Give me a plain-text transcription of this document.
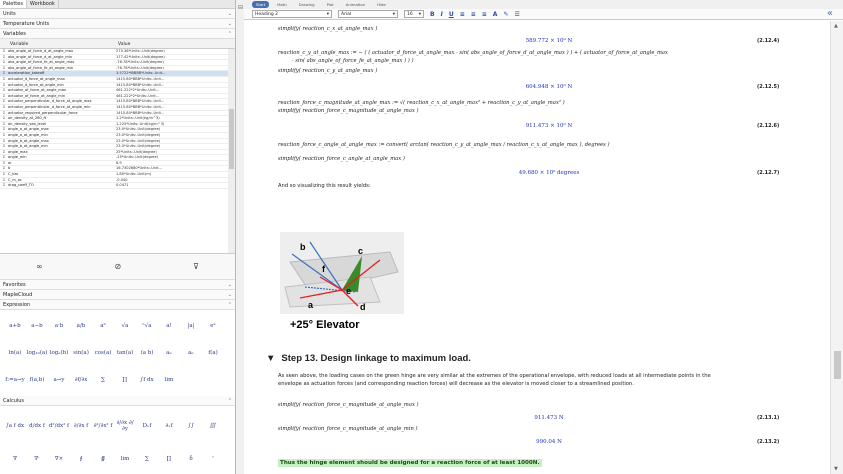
Palettes	Workbook
Units	⌄
Temperature Units	⌄
Variables	⌃
Variable	Value
Σ abs_angle_of_force_d_at_angle_max	270.36*Units:-Unit(degree)
Σ abs_angle_of_force_d_at_angle_min	177.42*Units:-Unit(degree)
Σ abs_angle_of_force_fe_at_angle_max	-76.78*Units:-Unit(degree)
Σ abs_angle_of_force_fe_at_angle_min	-76.78*Units:-Unit(degree)
Σ acceleration_takeoff	3.5722*IBBBB*Units:-Unit...
Σ actuator_d_force_at_angle_max	1415.80*BBB*Units:-Unit...
Σ actuator_d_force_at_angle_min	1415.80*BBB*Units:-Unit...
Σ actuator_of_force_at_angle_max	461.222*2*Units:-Unit...
Σ actuator_of_force_at_angle_min	461.222*2*Units:-Unit...
Σ actuator_perpendicular_d_force_at_angle_max	1415.80*BBB*Units:-Unit...
Σ actuator_perpendicular_d_force_at_angle_min	1415.80*BBB*Units:-Unit...
Σ actuator_required_perpendicular_force	1415.80*BBB*Units:-Unit...
Σ air_density_at_260_ft	1.2*Units:-Unit(kg/m^3)
Σ air_density_sea_level	1.225*Units:-Unit(kg/m^3)
Σ angle_a_at_angle_max	23.0*Units:-Unit(degree)
Σ angle_a_at_angle_min	23.0*Units:-Unit(degree)
Σ angle_b_at_angle_max	23.0*Units:-Unit(degree)
Σ angle_b_at_angle_min	23.0*Units:-Unit(degree)
Σ angle_max	25*Units:-Unit(degree)
Σ angle_min	-25*Units:-Unit(degree)
Σ ar	8.9
Σ b	16.7302680*Units:-Unit...
Σ C_bar	1.80*Units:-Unit(m)
Σ C_m_ac	-0.040
Σ drag_coeff_TO	0.0471
∞	⊘	⊽
Favorites	⌄
MapleCloud	⌄
Expression	⌃
a+b	a−b	a·b	a/b	aᵇ	√a	ⁿ√a	a!	|a|	eᵃ
ln(a) log₁₀(a) logₐ(b) sin(a)	cos(a) tan(a)	(a b)	aₙ	aₙ	f(a)
f:=a→y f(a,b)	a→y	∂f/∂x	∑	∏	∫f dx	lim
Calculus	⌃
∫a f dx d/dx f d²/dx² f ∂/∂x f ∂²/∂x² f ∂/∂x ∂/∂y	Dₓf	∂ₓf	∫∫	∭
∇	∇·	∇×	∮	∯	lim	∑	∏	δ	'
⊟	Start	Math	Drawing	Plot	Animation	Hide
«
Heading 2	▾	Arial	▾	16 ▾ B I U ≡ ≡ ≡ A ✎ ☰
simplify( reaction_c_x_at_angle_max )
589.772 × 10⁰ N	(2.12.4)
reaction_c_y_at_angle_max := − ( ( actuator_d_force_at_angle_max · sin( abs_angle_of_force_d_at_angle_max ) ) + ( actuator_of_force_at_angle_max
· sin( abs_angle_of_force_fe_at_angle_max ) ) )
simplify( reaction_c_y_at_angle_max )
604.948 × 10⁰ N	(2.12.5)
reaction_force_c_magnitude_at_angle_max := √( reaction_c_x_at_angle_max² + reaction_c_y_at_angle_max² )
simplify( reaction_force_c_magnitude_at_angle_max )
911.473 × 10⁰ N	(2.12.6)
reaction_force_c_angle_at_angle_max := convert( arctan( reaction_c_y_at_angle_max / reaction_c_x_at_angle_max ), degrees )
simplify( reaction_force_c_angle_at_angle_max )
49.680 × 10⁰ degrees	(2.12.7)
And so visualizing this result yields:
b	c
f
e
a	d
+25° Elevator
▼ Step 13. Design linkage to maximum load.
As seen above, the loading cases on the green hinge are very similar at the extremes of the operational envelope, with reduced loads at all intermediate points in the
envelope as actuation forces (and corresponding reaction forces) will decrease as the elevator is moved closer to a streamlined position.
simplify( reaction_force_c_magnitude_at_angle_max )
911.473 N	(2.13.1)
simplify( reaction_force_c_magnitude_at_angle_min )
990.04 N	(2.13.2)
Thus the hinge element should be designed for a reaction force of at least 1000N.
▲
▼
